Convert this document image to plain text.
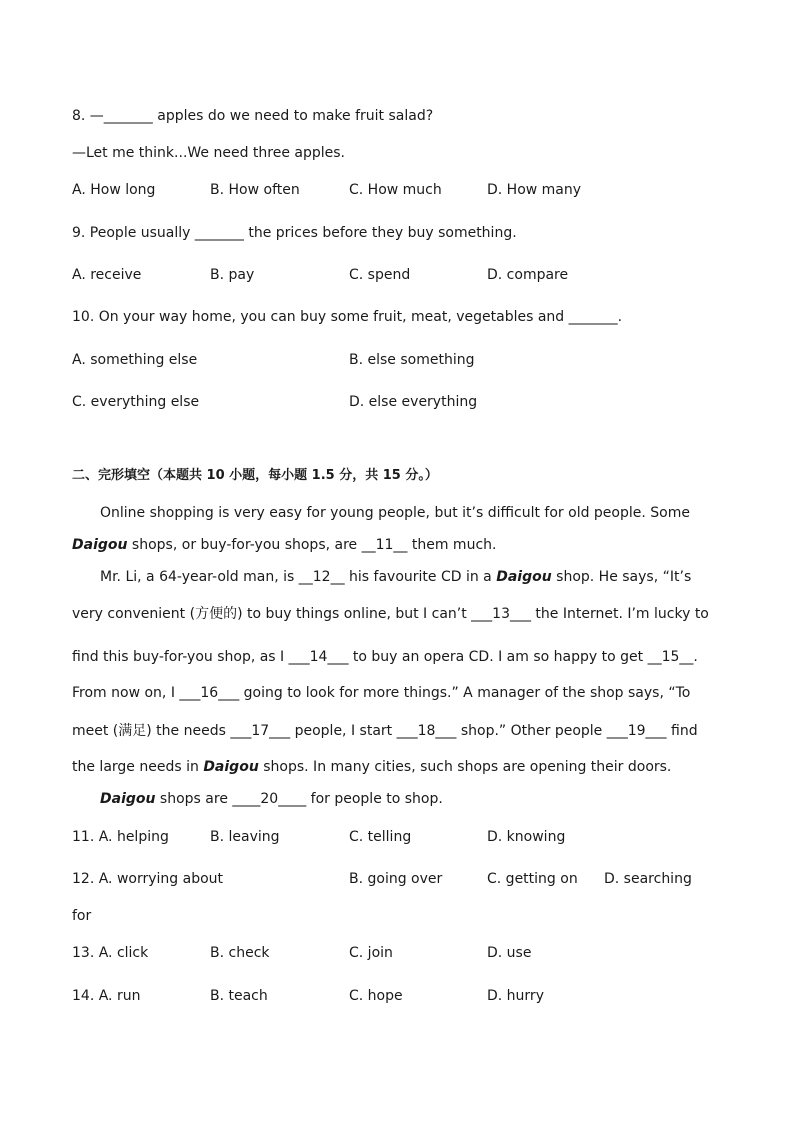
8. —_______ apples do we need to make fruit salad?
—Let me think...We need three apples.
A. How long	B. How often	C. How much	D. How many
9. People usually _______ the prices before they buy something.
A. receive	B. pay	C. spend	D. compare
10. On your way home, you can buy some fruit, meat, vegetables and _______.
A. something else	B. else something
C. everything else	D. else everything
二、完形填空（本题共 10 小题，每小题 1.5 分，共 15 分。）
Online shopping is very easy for young people, but it’s difficult for old people. Some
Daigou shops, or buy-for-you shops, are __11__ them much.
Mr. Li, a 64-year-old man, is __12__ his favourite CD in a Daigou shop. He says, “It’s
very convenient (方便的) to buy things online, but I can’t ___13___ the Internet. I’m lucky to
find this buy-for-you shop, as I ___14___ to buy an opera CD. I am so happy to get __15__.
From now on, I ___16___ going to look for more things.” A manager of the shop says, “To
meet (满足) the needs ___17___ people, I start ___18___ shop.” Other people ___19___ find
the large needs in Daigou shops. In many cities, such shops are opening their doors.
Daigou shops are ____20____ for people to shop.
11. A. helping	B. leaving	C. telling	D. knowing
12. A. worrying about	B. going over	C. getting on D. searching
for
13. A. click	B. check	C. join	D. use
14. A. run	B. teach	C. hope	D. hurry
